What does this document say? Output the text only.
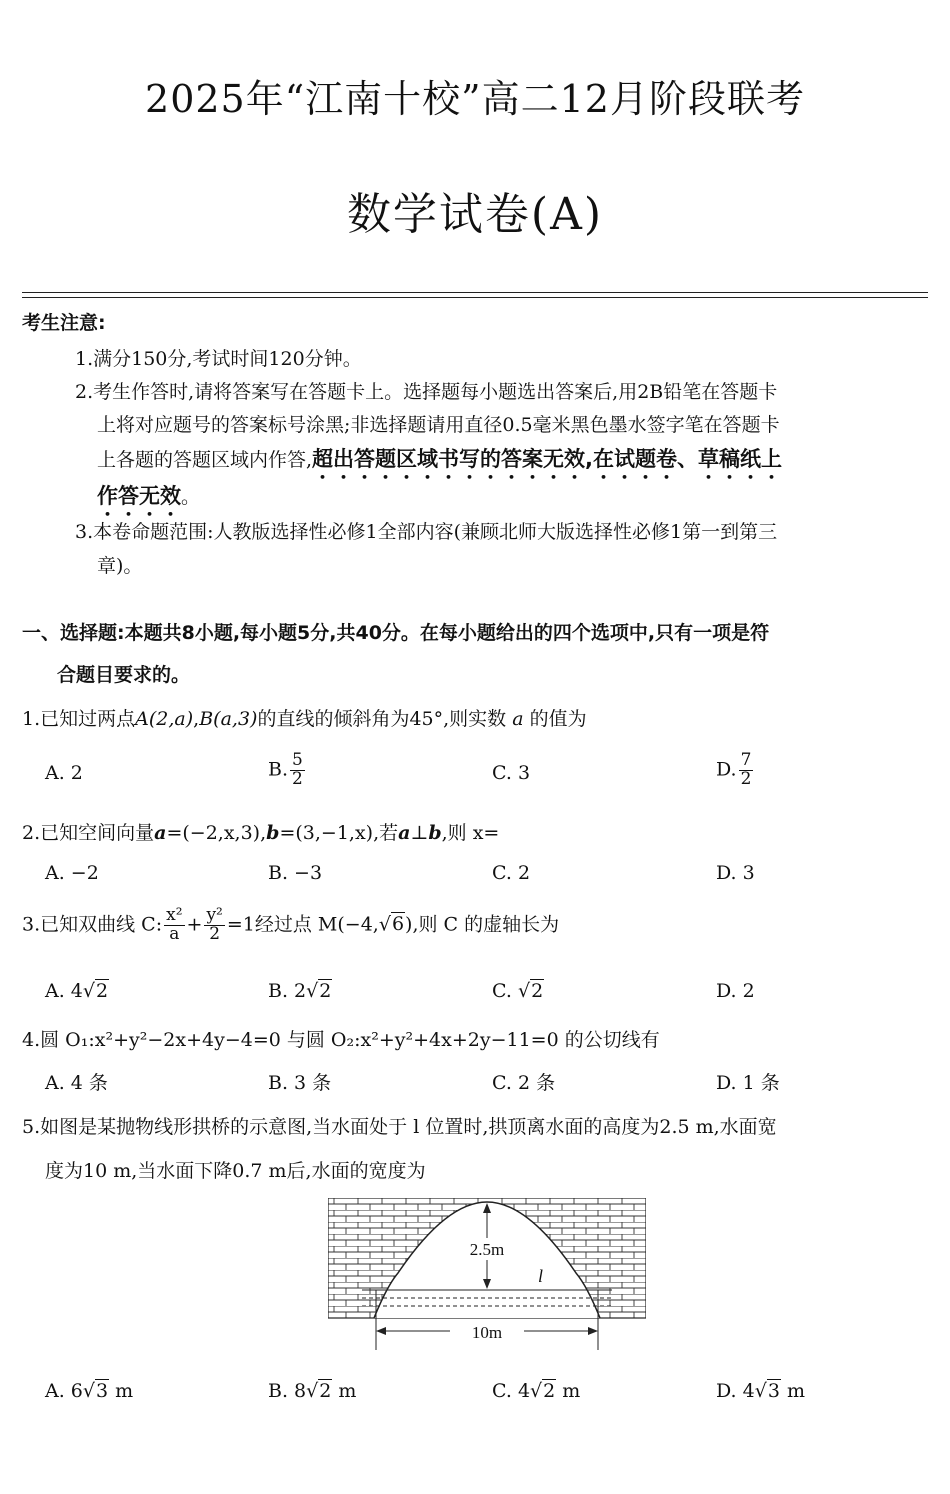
2025年“江南十校”高二12月阶段联考
数学试卷(A)
考生注意:
1.满分150分,考试时间120分钟。
2.考生作答时,请将答案写在答题卡上。选择题每小题选出答案后,用2B铅笔在答题卡
上将对应题号的答案标号涂黑;非选择题请用直径0.5毫米黑色墨水签字笔在答题卡
上各题的答题区域内作答,超出答题区域书写的答案无效,在试题卷、草稿纸上
作答无效。
3.本卷命题范围:人教版选择性必修1全部内容(兼顾北师大版选择性必修1第一到第三
章)。
一、选择题:本题共8小题,每小题5分,共40分。在每小题给出的四个选项中,只有一项是符
合题目要求的。
1.已知过两点A(2,a),B(a,3)的直线的倾斜角为45°,则实数 a 的值为
A. 2	B. $\frac{5}{2}$	C. 3	D. $\frac{7}{2}$
2.已知空间向量a=(−2,x,3),b=(3,−1,x),若a⊥b,则 x=
A. −2	B. −3	C. 2	D. 3
3.已知双曲线 C: $\frac{\text{x²}}{a} + \frac{\text{y²}}{2} =1$经过点 M(−4,√6),则 C 的虚轴长为
A. 4√2	B. 2√2	C. √2	D. 2
4.圆 O₁:x²+y²−2x+4y−4=0 与圆 O₂:x²+y²+4x+2y−11=0 的公切线有
A. 4 条	B. 3 条	C. 2 条	D. 1 条
5.如图是某抛物线形拱桥的示意图,当水面处于 l 位置时,拱顶离水面的高度为2.5 m,水面宽
度为10 m,当水面下降0.7 m后,水面的宽度为
10m
2.5m
l
A. 6√3 m	B. 8√2 m	C. 4√2 m	D. 4√3 m
